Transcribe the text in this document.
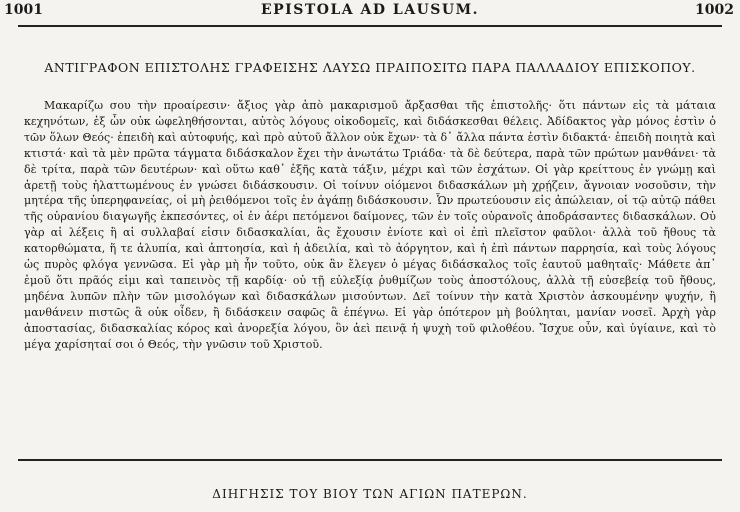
1001	EPISTOLA AD LAUSUM.	1002
ΑΝΤΙΓΡΑΦΟΝ ΕΠΙΣΤΟΛΗΣ ΓΡΑΦΕΙΣΗΣ ΛΑΥΣΩ ΠΡΑΙΠΟΣΙΤΩ ΠΑΡΑ ΠΑΛΛΑΔΙΟΥ ΕΠΙΣΚΟΠΟΥ.
Μακαρίζω σου τὴν προαίρεσιν· ἄξιος γὰρ ἀπὸ μακαρισμοῦ ἄρξασθαι τῆς ἐπιστολῆς· ὅτι πάντων εἰς τὰ μάταια κεχηνότων, ἐξ ὧν οὐκ ὠφεληθήσονται, αὐτὸς λόγους οἰκοδομεῖς, καὶ διδάσκεσθαι θέλεις. Ἀδίδακτος γὰρ μόνος ἐστὶν ὁ τῶν ὅλων Θεός· ἐπειδὴ καὶ αὐτοφυής, καὶ πρὸ αὐτοῦ ἄλλον οὐκ ἔχων· τὰ δ᾽ ἄλλα πάντα ἐστὶν διδακτά· ἐπειδὴ ποιητὰ καὶ κτιστά· καὶ τὰ μὲν πρῶτα τάγματα διδάσκαλον ἔχει τὴν ἀνωτάτω Τριάδα· τὰ δὲ δεύτερα, παρὰ τῶν πρώτων μανθάνει· τὰ δὲ τρίτα, παρὰ τῶν δευτέρων· καὶ οὕτω καθ᾽ ἑξῆς κατὰ τάξιν, μέχρι καὶ τῶν ἐσχάτων. Οἱ γὰρ κρείττους ἐν γνώμῃ καὶ ἀρετῇ τοὺς ἡλαττωμένους ἐν γνώσει διδάσκουσιν. Οἱ τοίνυν οἰόμενοι διδασκάλων μὴ χρῄζειν, ἄγνοιαν νοσοῦσιν, τὴν μητέρα τῆς ὑπερηφανείας, οἱ μὴ ῥειθόμενοι τοῖς ἐν ἀγάπῃ διδάσκουσιν. Ὧν πρωτεύουσιν εἰς ἀπώλειαν, οἱ τῷ αὐτῷ πάθει τῆς οὐρανίου διαγωγῆς ἐκπεσόντες, οἱ ἐν ἀέρι πετόμενοι δαίμονες, τῶν ἐν τοῖς οὐρανοῖς ἀποδράσαντες διδασκάλων. Οὐ γὰρ αἱ λέξεις ἢ αἱ συλλαβαί εἰσιν διδασκαλίαι, ἃς ἔχουσιν ἐνίοτε καὶ οἱ ἐπὶ πλεῖστον φαῦλοι· ἀλλὰ τοῦ ἤθους τὰ κατορθώματα, ἥ τε ἀλυπία, καὶ ἀπτοησία, καὶ ἡ ἀδειλία, καὶ τὸ ἀόργητον, καὶ ἡ ἐπὶ πάντων παρρησία, καὶ τοὺς λόγους ὡς πυρὸς φλόγα γεννῶσα. Εἰ γὰρ μὴ ἦν τοῦτο, οὐκ ἂν ἔλεγεν ὁ μέγας διδάσκαλος τοῖς ἑαυτοῦ μαθηταῖς· Μάθετε ἀπ᾽ ἐμοῦ ὅτι πρᾶός εἰμι καὶ ταπεινὸς τῇ καρδίᾳ· οὐ τῇ εὐλεξίᾳ ῥυθμίζων τοὺς ἀποστόλους, ἀλλὰ τῇ εὐσεβείᾳ τοῦ ἤθους, μηδένα λυπῶν πλὴν τῶν μισολόγων καὶ διδασκάλων μισούντων. Δεῖ τοίνυν τὴν κατὰ Χριστὸν ἀσκουμένην ψυχήν, ἢ μανθάνειν πιστῶς ἃ οὐκ οἶδεν, ἢ διδάσκειν σαφῶς ἃ ἐπέγνω. Εἰ γὰρ ὁπότερον μὴ βούληται, μανίαν νοσεῖ. Ἀρχὴ γὰρ ἀποστασίας, διδασκαλίας κόρος καὶ ἀνορεξία λόγου, ὃν ἀεὶ πεινᾷ ἡ ψυχὴ τοῦ φιλοθέου. Ἴσχυε οὖν, καὶ ὑγίαινε, καὶ τὸ μέγα χαρίσηταί σοι ὁ Θεός, τὴν γνῶσιν τοῦ Χριστοῦ.
ΔΙΗΓΗΣΙΣ ΤΟΥ ΒΙΟΥ ΤΩΝ ΑΓΙΩΝ ΠΑΤΕΡΩΝ.
